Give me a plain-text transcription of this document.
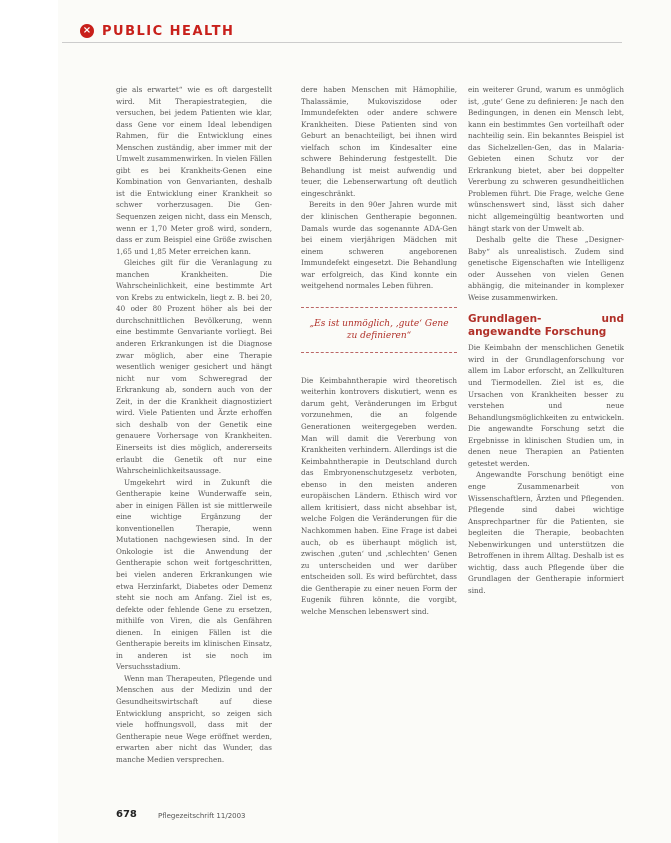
× PUBLIC HEALTH

gie als erwartet“ wie es oft dargestellt wird. Mit Therapiestrategien, die versuchen, bei jedem Patienten wie klar, dass Gene vor einem Ideal lebendigen Rahmen, für die Entwicklung eines Menschen zuständig, aber immer mit der Umwelt zusammenwirken. In vielen Fällen gibt es bei Krankheits-Genen eine Kombination von Genvarianten, deshalb ist die Entwicklung einer Krankheit so schwer vorherzusagen. Die Gen-Sequenzen zeigen nicht, dass ein Mensch, wenn er 1,70 Meter groß wird, sondern, dass er zum Beispiel eine Größe zwischen 1,65 und 1,85 Meter erreichen kann.

Gleiches gilt für die Veranlagung zu manchen Krankheiten. Die Wahrscheinlichkeit, eine bestimmte Art von Krebs zu entwickeln, liegt z. B. bei 20, 40 oder 80 Prozent höher als bei der durchschnittlichen Bevölkerung, wenn eine bestimmte Genvariante vorliegt. Bei anderen Erkrankungen ist die Diagnose zwar möglich, aber eine Therapie wesentlich weniger gesichert und hängt nicht nur vom Schweregrad der Erkrankung ab, sondern auch von der Zeit, in der die Krankheit diagnostiziert wird. Viele Patienten und Ärzte erhoffen sich deshalb von der Genetik eine genauere Vorhersage von Krankheiten. Einerseits ist dies möglich, andererseits erlaubt die Genetik oft nur eine Wahrscheinlichkeitsaussage.

Umgekehrt wird in Zukunft die Gentherapie keine Wunderwaffe sein, aber in einigen Fällen ist sie mittlerweile eine wichtige Ergänzung der konventionellen Therapie, wenn Mutationen nachgewiesen sind. In der Onkologie ist die Anwendung der Gentherapie schon weit fortgeschritten, bei vielen anderen Erkrankungen wie etwa Herzinfarkt, Diabetes oder Demenz steht sie noch am Anfang. Ziel ist es, defekte oder fehlende Gene zu ersetzen, mithilfe von Viren, die als Genfähren dienen. In einigen Fällen ist die Gentherapie bereits im klinischen Einsatz, in anderen ist sie noch im Versuchsstadium.

Wenn man Therapeuten, Pflegende und Menschen aus der Medizin und der Gesundheitswirtschaft auf diese Entwicklung anspricht, so zeigen sich viele hoffnungsvoll, dass mit der Gentherapie neue Wege eröffnet werden, erwarten aber nicht das Wunder, das manche Medien versprechen.

dere haben Menschen mit Hämophilie, Thalassämie, Mukoviszidose oder Immundefekten oder andere schwere Krankheiten. Diese Patienten sind von Geburt an benachteiligt, bei ihnen wird vielfach schon im Kindesalter eine schwere Behinderung festgestellt. Die Behandlung ist meist aufwendig und teuer, die Lebenserwartung oft deutlich eingeschränkt.

Bereits in den 90er Jahren wurde mit der klinischen Gentherapie begonnen. Damals wurde das sogenannte ADA-Gen bei einem vierjährigen Mädchen mit einem schweren angeborenen Immundefekt eingesetzt. Die Behandlung war erfolgreich, das Kind konnte ein weitgehend normales Leben führen.

„Es ist unmöglich, ‚gute‘ Gene zu definieren“

Die Keimbahntherapie wird theoretisch weiterhin kontrovers diskutiert, wenn es darum geht, Veränderungen im Erbgut vorzunehmen, die an folgende Generationen weitergegeben werden. Man will damit die Vererbung von Krankheiten verhindern. Allerdings ist die Keimbahntherapie in Deutschland durch das Embryonenschutzgesetz verboten, ebenso in den meisten anderen europäischen Ländern. Ethisch wird vor allem kritisiert, dass nicht absehbar ist, welche Folgen die Veränderungen für die Nachkommen haben. Eine Frage ist dabei auch, ob es überhaupt möglich ist, zwischen ‚guten‘ und ‚schlechten‘ Genen zu unterscheiden und wer darüber entscheiden soll. Es wird befürchtet, dass die Gentherapie zu einer neuen Form der Eugenik führen könnte, die vorgibt, welche Menschen lebenswert sind.

ein weiterer Grund, warum es unmöglich ist, ‚gute‘ Gene zu definieren: Je nach den Bedingungen, in denen ein Mensch lebt, kann ein bestimmtes Gen vorteilhaft oder nachteilig sein. Ein bekanntes Beispiel ist das Sichelzellen-Gen, das in Malaria-Gebieten einen Schutz vor der Erkrankung bietet, aber bei doppelter Vererbung zu schweren gesundheitlichen Problemen führt. Die Frage, welche Gene wünschenswert sind, lässt sich daher nicht allgemeingültig beantworten und hängt stark von der Umwelt ab.

Deshalb gelte die These „Designer-Baby“ als unrealistisch. Zudem sind genetische Eigenschaften wie Intelligenz oder Aussehen von vielen Genen abhängig, die miteinander in komplexer Weise zusammenwirken.

Grundlagen- und angewandte Forschung

Die Keimbahn der menschlichen Genetik wird in der Grundlagenforschung vor allem im Labor erforscht, an Zellkulturen und Tiermodellen. Ziel ist es, die Ursachen von Krankheiten besser zu verstehen und neue Behandlungsmöglichkeiten zu entwickeln. Die angewandte Forschung setzt die Ergebnisse in klinischen Studien um, in denen neue Therapien an Patienten getestet werden.

Angewandte Forschung benötigt eine enge Zusammenarbeit von Wissenschaftlern, Ärzten und Pflegenden. Pflegende sind dabei wichtige Ansprechpartner für die Patienten, sie begleiten die Therapie, beobachten Nebenwirkungen und unterstützen die Betroffenen in ihrem Alltag. Deshalb ist es wichtig, dass auch Pflegende über die Grundlagen der Gentherapie informiert sind.

678	Pflegezeitschrift 11/2003
